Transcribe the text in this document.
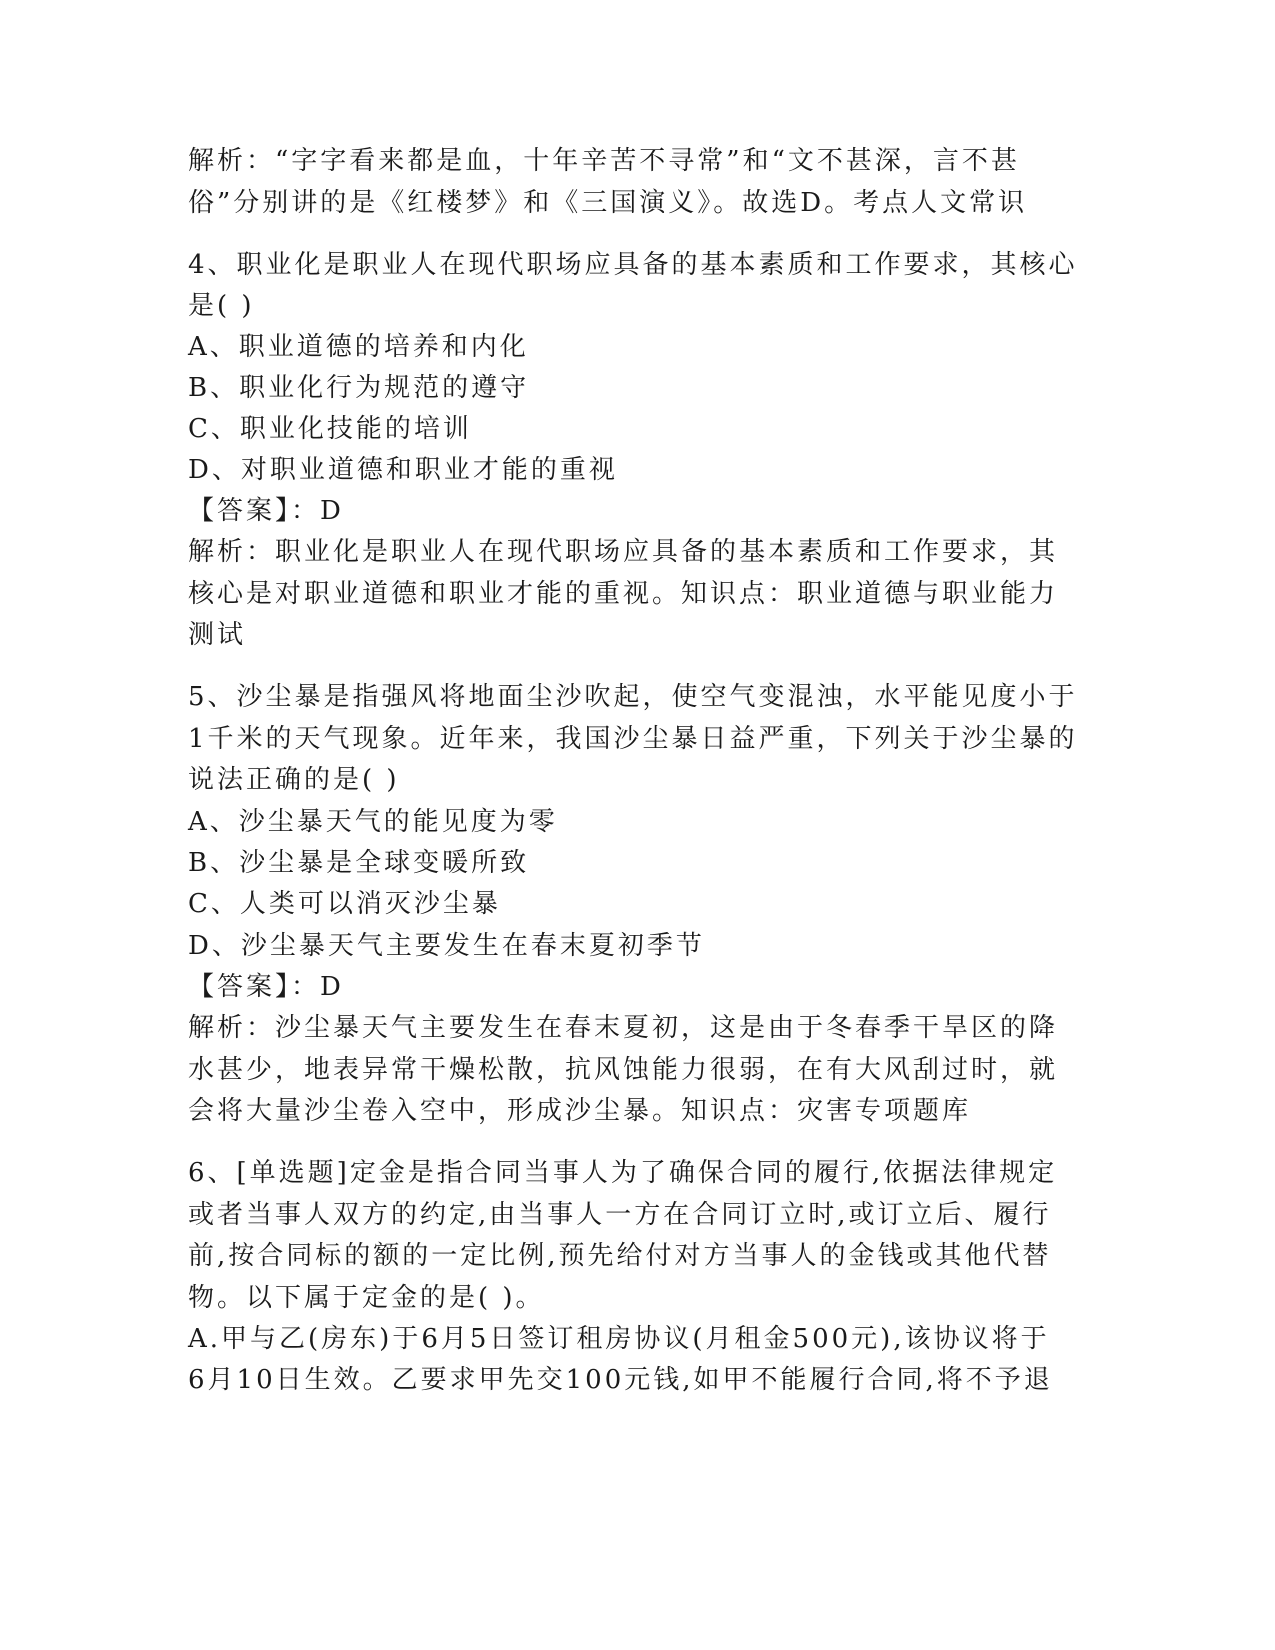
解析：“字字看来都是血，十年辛苦不寻常”和“文不甚深，言不甚
俗”分别讲的是《红楼梦》和《三国演义》。故选D。考点人文常识
4、职业化是职业人在现代职场应具备的基本素质和工作要求，其核心
是( )
A、职业道德的培养和内化
B、职业化行为规范的遵守
C、职业化技能的培训
D、对职业道德和职业才能的重视
【答案】：D
解析：职业化是职业人在现代职场应具备的基本素质和工作要求，其
核心是对职业道德和职业才能的重视。知识点：职业道德与职业能力
测试
5、沙尘暴是指强风将地面尘沙吹起，使空气变混浊，水平能见度小于
1千米的天气现象。近年来，我国沙尘暴日益严重，下列关于沙尘暴的
说法正确的是( )
A、沙尘暴天气的能见度为零
B、沙尘暴是全球变暖所致
C、人类可以消灭沙尘暴
D、沙尘暴天气主要发生在春末夏初季节
【答案】：D
解析：沙尘暴天气主要发生在春末夏初，这是由于冬春季干旱区的降
水甚少，地表异常干燥松散，抗风蚀能力很弱，在有大风刮过时，就
会将大量沙尘卷入空中，形成沙尘暴。知识点：灾害专项题库
6、[单选题]定金是指合同当事人为了确保合同的履行,依据法律规定
或者当事人双方的约定,由当事人一方在合同订立时,或订立后、履行
前,按合同标的额的一定比例,预先给付对方当事人的金钱或其他代替
物。以下属于定金的是( )。
A.甲与乙(房东)于6月5日签订租房协议(月租金500元),该协议将于
6月10日生效。乙要求甲先交100元钱,如甲不能履行合同,将不予退
